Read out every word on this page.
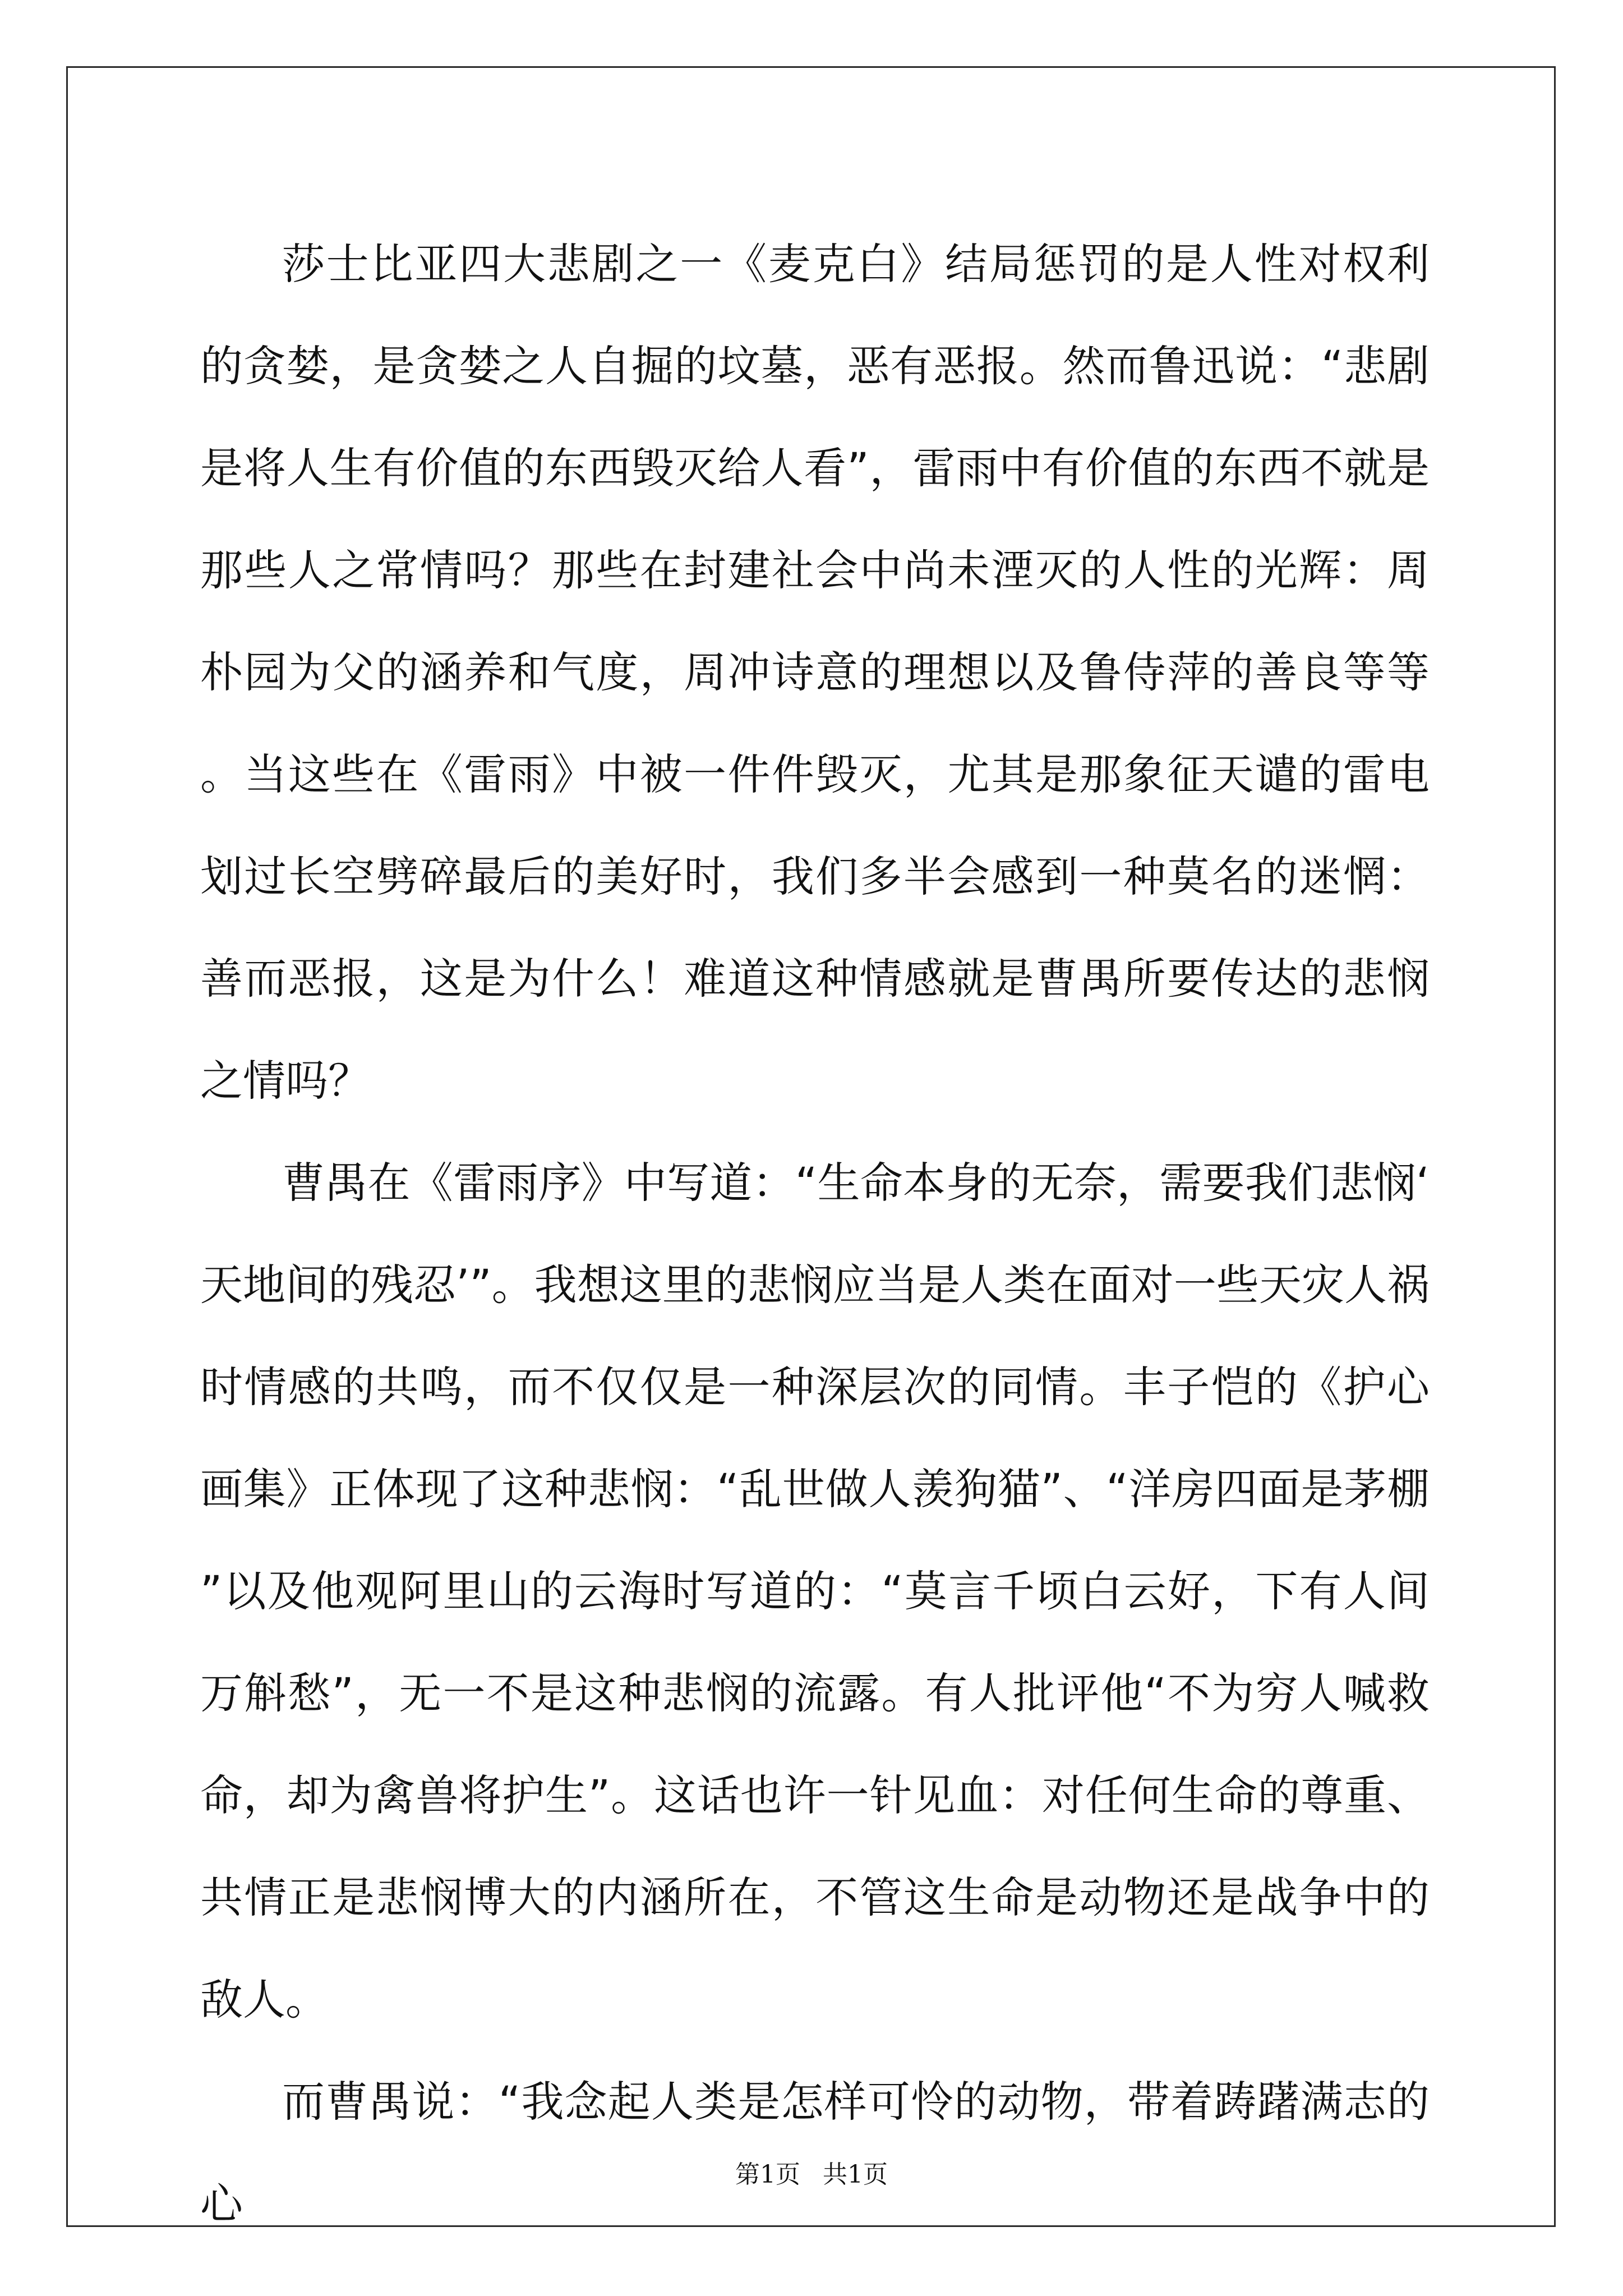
莎士比亚四大悲剧之一《麦克白》结局惩罚的是人性对权利的贪婪，是贪婪之人自掘的坟墓，恶有恶报。然而鲁迅说：“悲剧是将人生有价值的东西毁灭给人看”，雷雨中有价值的东西不就是那些人之常情吗？那些在封建社会中尚未湮灭的人性的光辉：周朴园为父的涵养和气度，周冲诗意的理想以及鲁侍萍的善良等等。当这些在《雷雨》中被一件件毁灭，尤其是那象征天谴的雷电划过长空劈碎最后的美好时，我们多半会感到一种莫名的迷惘：善而恶报，这是为什么！难道这种情感就是曹禺所要传达的悲悯之情吗？

曹禺在《雷雨序》中写道：“生命本身的无奈，需要我们悲悯‘天地间的残忍’”。我想这里的悲悯应当是人类在面对一些天灾人祸时情感的共鸣，而不仅仅是一种深层次的同情。丰子恺的《护心画集》正体现了这种悲悯：“乱世做人羡狗猫”、“洋房四面是茅棚”以及他观阿里山的云海时写道的：“莫言千顷白云好，下有人间万斛愁”，无一不是这种悲悯的流露。有人批评他“不为穷人喊救命，却为禽兽将护生”。这话也许一针见血：对任何生命的尊重、共情正是悲悯博大的内涵所在，不管这生命是动物还是战争中的敌人。

而曹禺说：“我念起人类是怎样可怜的动物，带着踌躇满志的心

第1页 共1页
